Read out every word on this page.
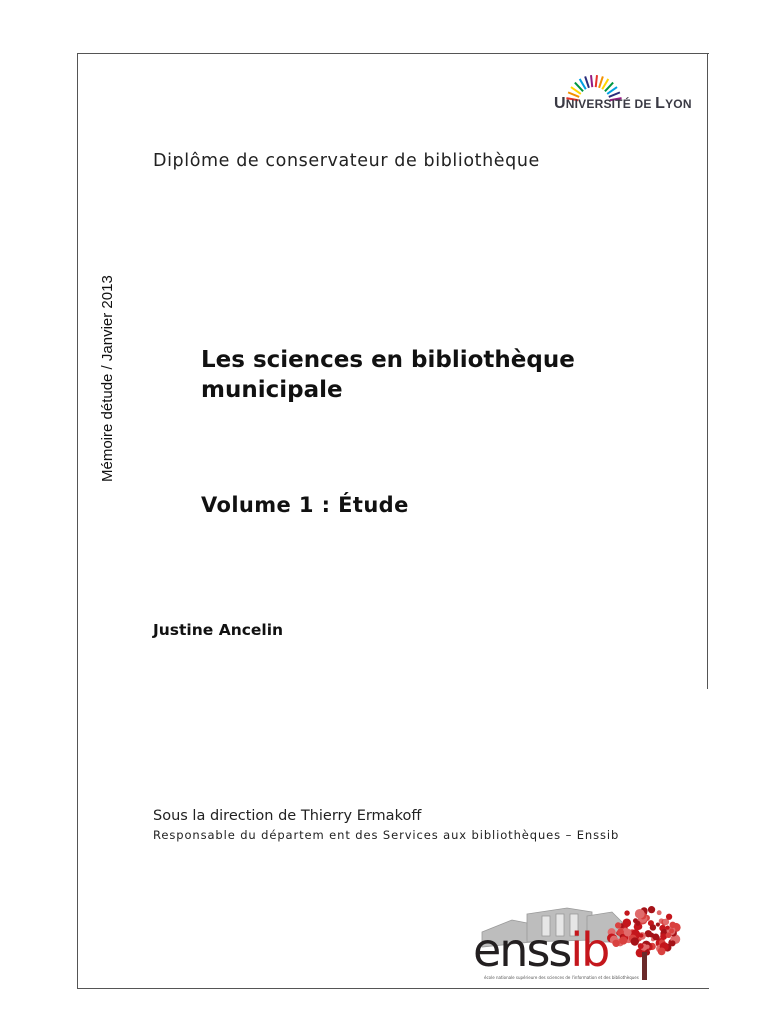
Mémoire détude / Janvier 2013
UNIVERSITÉ DE LYON
Diplôme de conservateur de bibliothèque
Les sciences en bibliothèque
municipale
Volume 1 : Étude
Justine Ancelin
Sous la direction de Thierry Ermakoff
Responsable du départem ent des Services aux bibliothèques – Enssib
enssib
école nationale supérieure des sciences de l'information et des bibliothèques
